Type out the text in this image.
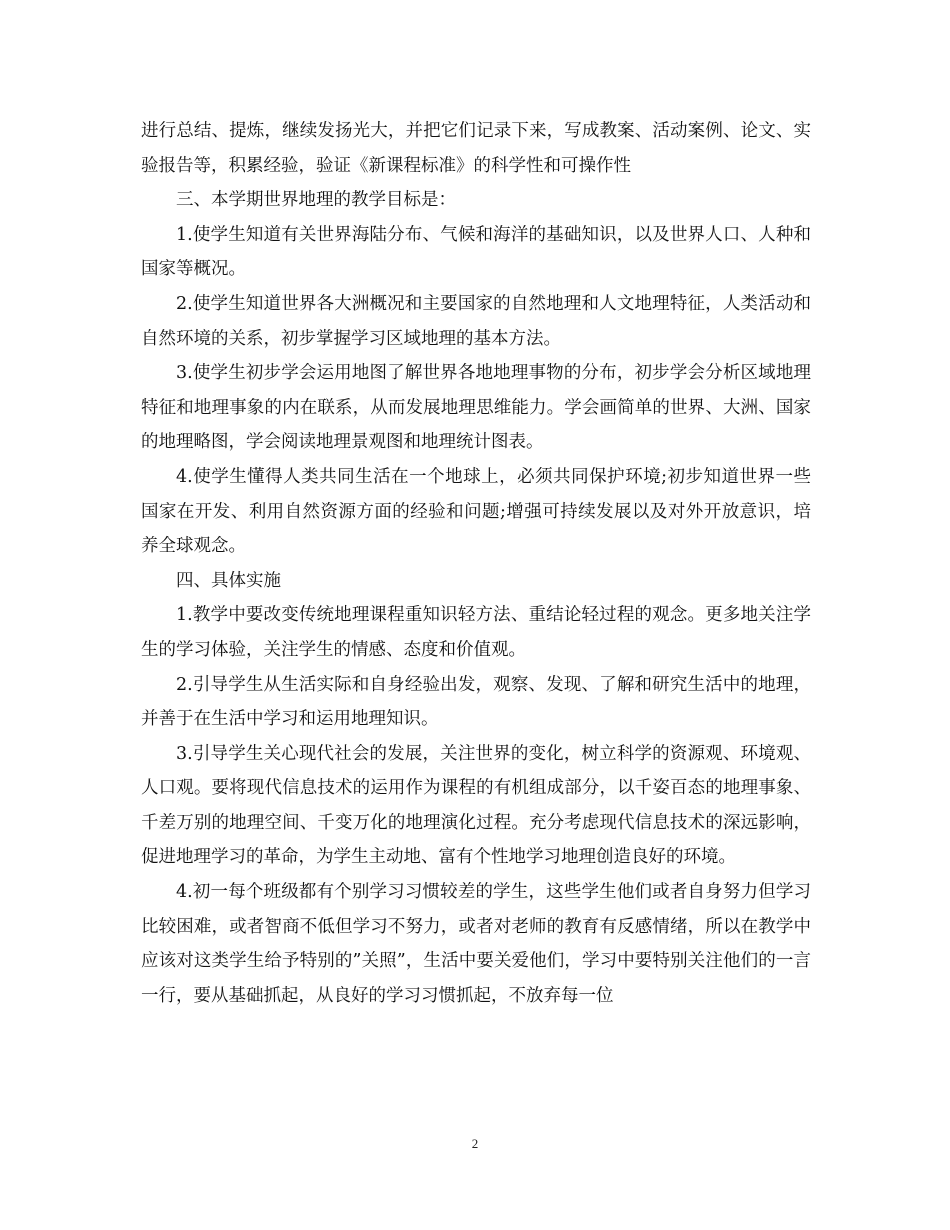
进行总结、提炼，继续发扬光大，并把它们记录下来，写成教案、活动案例、论文、实验报告等，积累经验，验证《新课程标准》的科学性和可操作性

三、本学期世界地理的教学目标是：

1.使学生知道有关世界海陆分布、气候和海洋的基础知识，以及世界人口、人种和国家等概况。

2.使学生知道世界各大洲概况和主要国家的自然地理和人文地理特征，人类活动和自然环境的关系，初步掌握学习区域地理的基本方法。

3.使学生初步学会运用地图了解世界各地地理事物的分布，初步学会分析区域地理特征和地理事象的内在联系，从而发展地理思维能力。学会画简单的世界、大洲、国家的地理略图，学会阅读地理景观图和地理统计图表。

4.使学生懂得人类共同生活在一个地球上，必须共同保护环境;初步知道世界一些国家在开发、利用自然资源方面的经验和问题;增强可持续发展以及对外开放意识，培养全球观念。

四、具体实施

1.教学中要改变传统地理课程重知识轻方法、重结论轻过程的观念。更多地关注学生的学习体验，关注学生的情感、态度和价值观。

2.引导学生从生活实际和自身经验出发，观察、发现、了解和研究生活中的地理，并善于在生活中学习和运用地理知识。

3.引导学生关心现代社会的发展，关注世界的变化，树立科学的资源观、环境观、人口观。要将现代信息技术的运用作为课程的有机组成部分，以千姿百态的地理事象、千差万别的地理空间、千变万化的地理演化过程。充分考虑现代信息技术的深远影响，促进地理学习的革命，为学生主动地、富有个性地学习地理创造良好的环境。

4.初一每个班级都有个别学习习惯较差的学生，这些学生他们或者自身努力但学习比较困难，或者智商不低但学习不努力，或者对老师的教育有反感情绪，所以在教学中应该对这类学生给予特别的”关照”，生活中要关爱他们，学习中要特别关注他们的一言一行，要从基础抓起，从良好的学习习惯抓起，不放弃每一位

2
